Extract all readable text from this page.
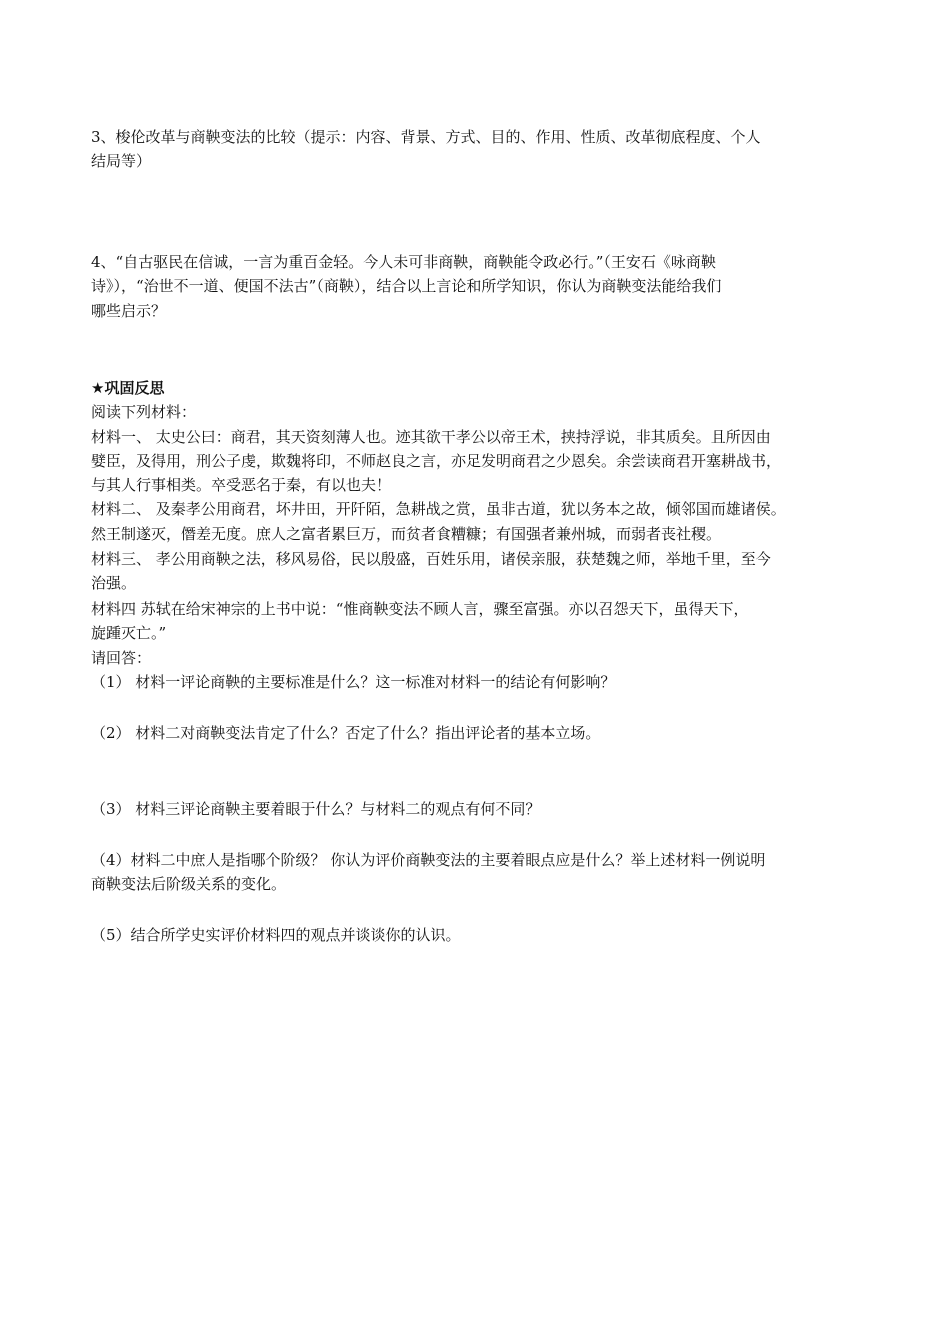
3、梭伦改革与商鞅变法的比较（提示：内容、背景、方式、目的、作用、性质、改革彻底程度、个人
结局等）
4、“自古驱民在信诚，一言为重百金轻。今人未可非商鞅，商鞅能令政必行。”（王安石《咏商鞅
诗》），“治世不一道、便国不法古”（商鞅），结合以上言论和所学知识，你认为商鞅变法能给我们
哪些启示？
★巩固反思
阅读下列材料：
材料一、 太史公曰：商君，其天资刻薄人也。迹其欲干孝公以帝王术，挟持浮说，非其质矣。且所因由
嬖臣，及得用，刑公子虔，欺魏将印，不师赵良之言，亦足发明商君之少恩矣。余尝读商君开塞耕战书，
与其人行事相类。卒受恶名于秦，有以也夫！
材料二、 及秦孝公用商君，坏井田，开阡陌，急耕战之赏，虽非古道，犹以务本之故，倾邻国而雄诸侯。
然王制遂灭，僭差无度。庶人之富者累巨万，而贫者食糟糠；有国强者兼州城，而弱者丧社稷。
材料三、 孝公用商鞅之法，移风易俗，民以殷盛，百姓乐用，诸侯亲服，获楚魏之师，举地千里，至今
治强。
材料四 苏轼在给宋神宗的上书中说：“惟商鞅变法不顾人言，骤至富强。亦以召怨天下，虽得天下，
旋踵灭亡。”
请回答：
（1） 材料一评论商鞅的主要标准是什么？这一标准对材料一的结论有何影响？
（2） 材料二对商鞅变法肯定了什么？否定了什么？指出评论者的基本立场。
（3） 材料三评论商鞅主要着眼于什么？与材料二的观点有何不同？
（4）材料二中庶人是指哪个阶级？ 你认为评价商鞅变法的主要着眼点应是什么？举上述材料一例说明
商鞅变法后阶级关系的变化。
（5）结合所学史实评价材料四的观点并谈谈你的认识。
